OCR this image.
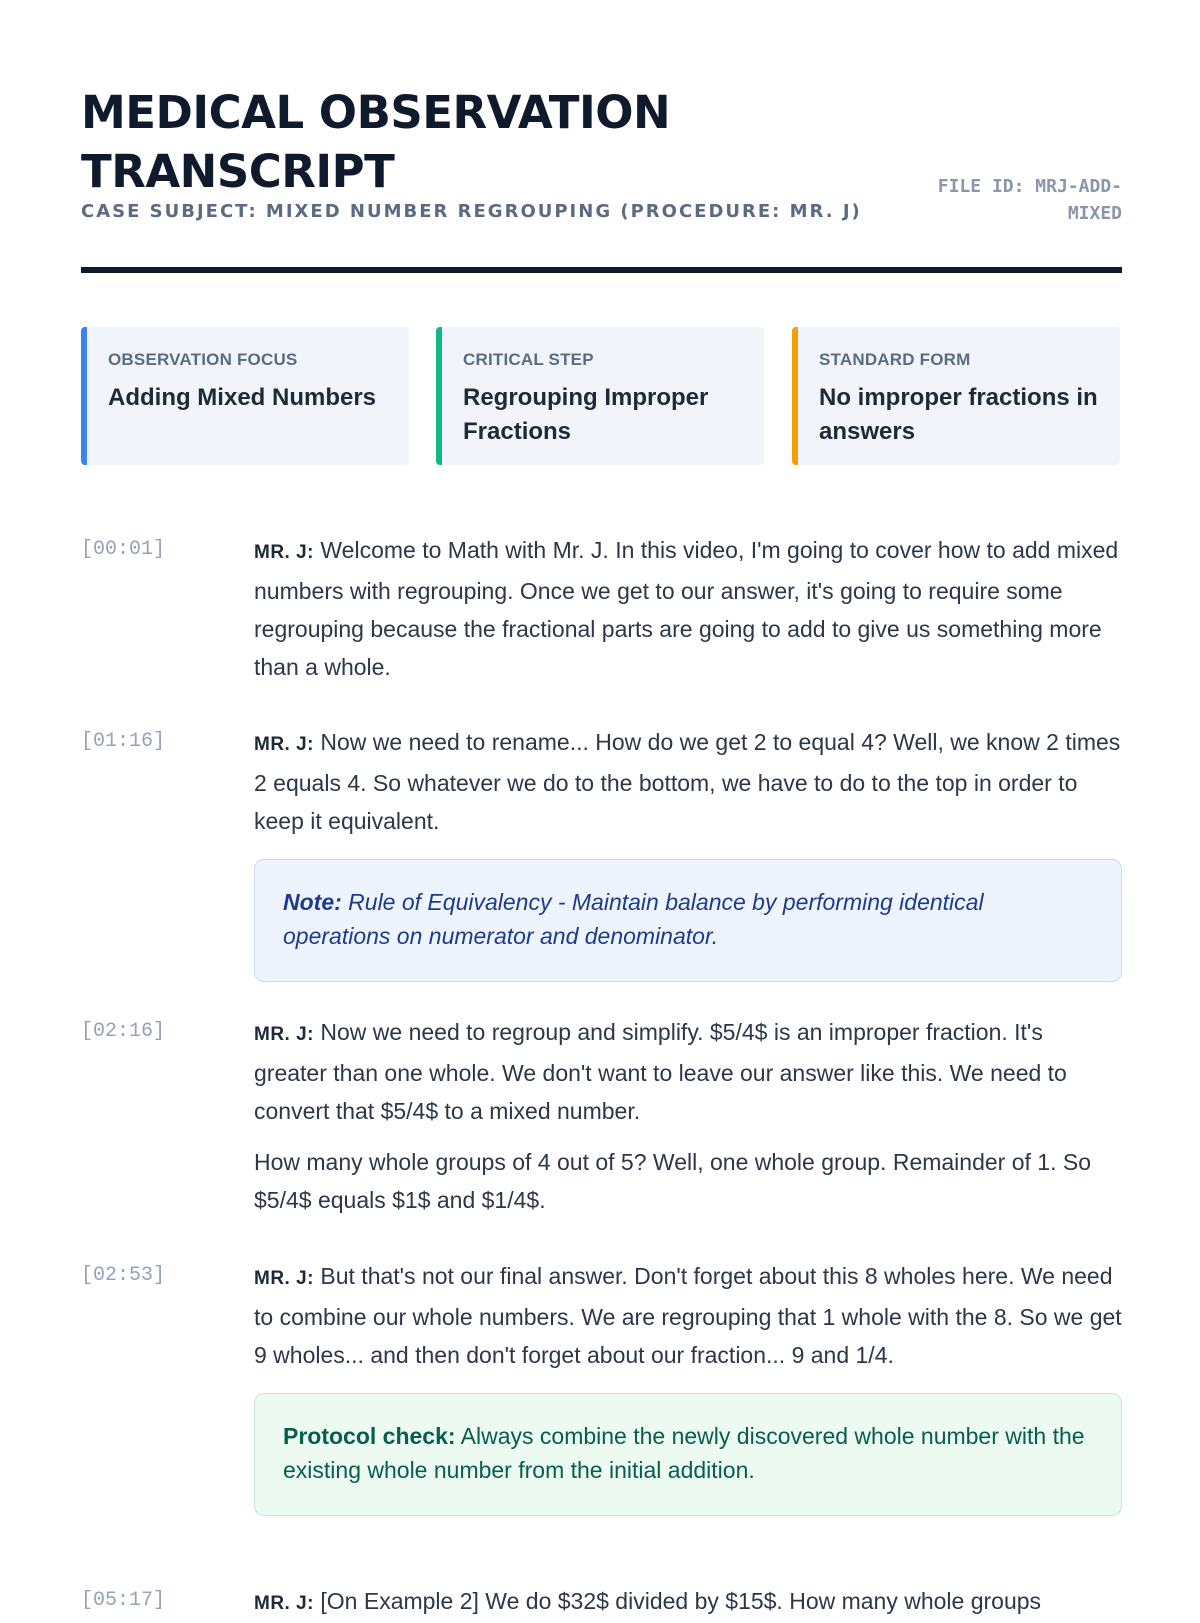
MEDICAL OBSERVATION TRANSCRIPT
CASE SUBJECT: MIXED NUMBER REGROUPING (PROCEDURE: MR. J)
FILE ID: MRJ-ADD-MIXED
OBSERVATION FOCUS
Adding Mixed Numbers
CRITICAL STEP
Regrouping Improper Fractions
STANDARD FORM
No improper fractions in answers
[00:01]	MR. J: Welcome to Math with Mr. J. In this video, I'm going to cover how to add mixed numbers with regrouping. Once we get to our answer, it's going to require some regrouping because the fractional parts are going to add to give us something more than a whole.

[01:16]	MR. J: Now we need to rename... How do we get 2 to equal 4? Well, we know 2 times 2 equals 4. So whatever we do to the bottom, we have to do to the top in order to keep it equivalent.

Note: Rule of Equivalency - Maintain balance by performing identical operations on numerator and denominator.
[02:16]	MR. J: Now we need to regroup and simplify. $5/4$ is an improper fraction. It's greater than one whole. We don't want to leave our answer like this. We need to convert that $5/4$ to a mixed number.

How many whole groups of 4 out of 5? Well, one whole group. Remainder of 1. So $5/4$ equals $1$ and $1/4$.

[02:53]	MR. J: But that's not our final answer. Don't forget about this 8 wholes here. We need to combine our whole numbers. We are regrouping that 1 whole with the 8. So we get 9 wholes... and then don't forget about our fraction... 9 and 1/4.

Protocol check: Always combine the newly discovered whole number with the existing whole number from the initial addition.
[05:17]	MR. J: [On Example 2] We do $32$ divided by $15$. How many whole groups
